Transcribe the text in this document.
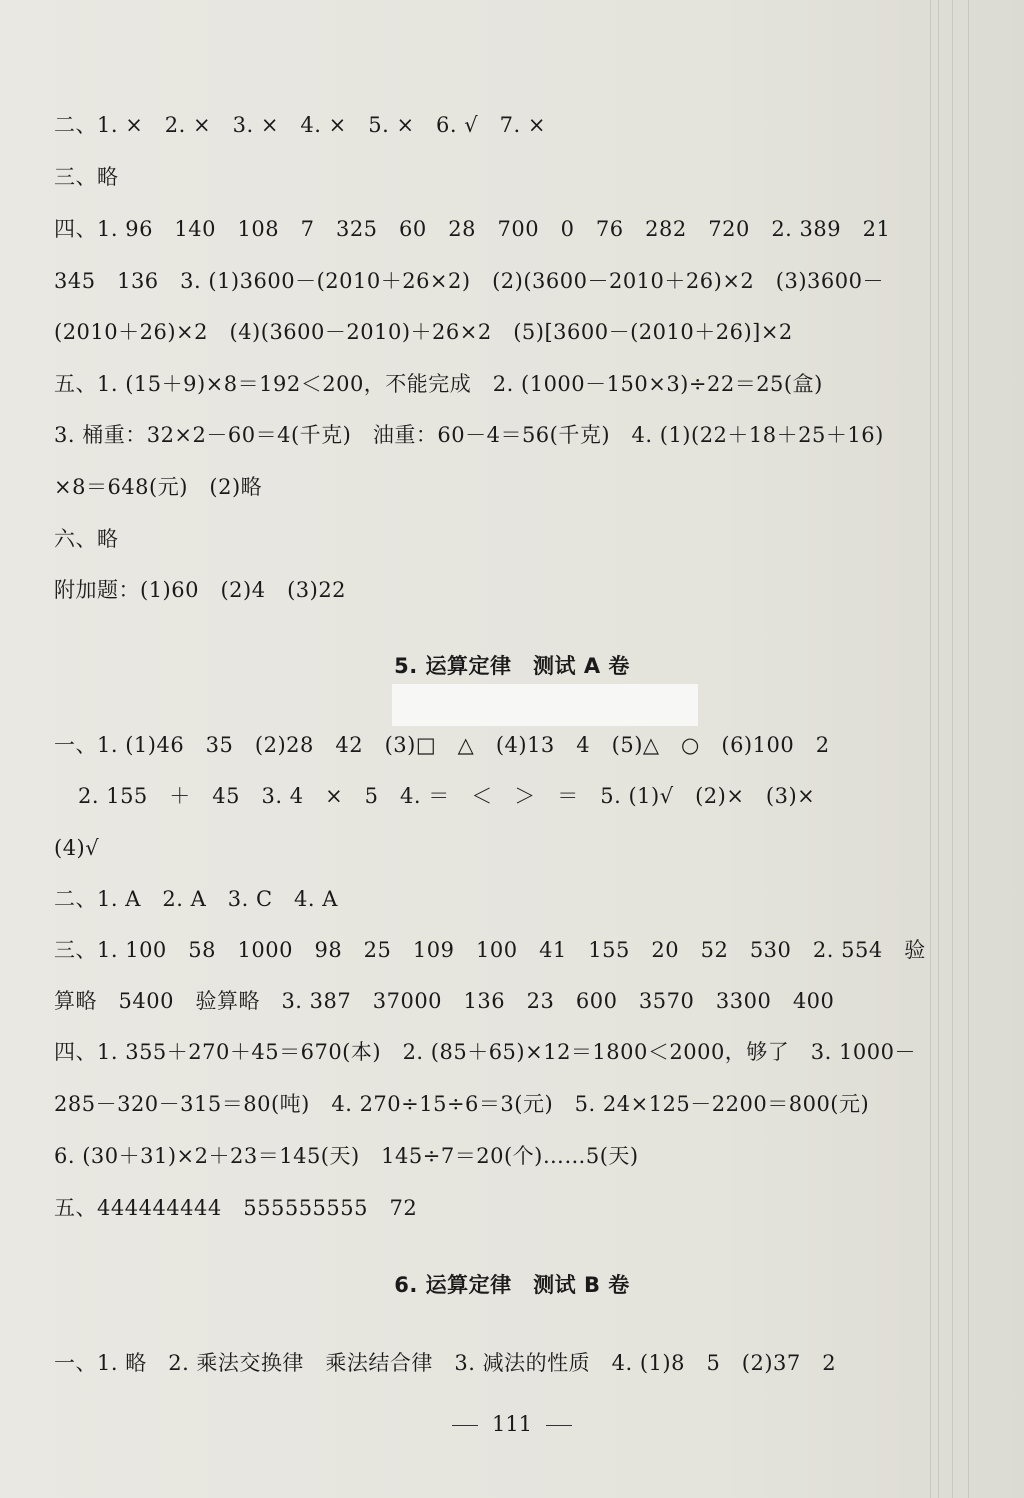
二、1. ×　2. ×　3. ×　4. ×　5. ×　6. √　7. ×
三、略
四、1. 96　140　108　7　325　60　28　700　0　76　282　720　2. 389　21
345　136　3. (1)3600－(2010＋26×2)　(2)(3600－2010＋26)×2　(3)3600－
(2010＋26)×2　(4)(3600－2010)＋26×2　(5)[3600－(2010＋26)]×2
五、1. (15＋9)×8＝192＜200，不能完成　2. (1000－150×3)÷22＝25(盒)
3. 桶重：32×2－60＝4(千克)　油重：60－4＝56(千克)　4. (1)(22＋18＋25＋16)
×8＝648(元)　(2)略
六、略
附加题：(1)60　(2)4　(3)22
5. 运算定律　测试 A 卷
一、1. (1)46　35　(2)28　42　(3)□　△　(4)13　4　(5)△　○　(6)100　2
2. 155　＋　45　3. 4　×　5　4. ＝　＜　＞　＝　5. (1)√　(2)×　(3)×
(4)√
二、1. A　2. A　3. C　4. A
三、1. 100　58　1000　98　25　109　100　41　155　20　52　530　2. 554　验
算略　5400　验算略　3. 387　37000　136　23　600　3570　3300　400
四、1. 355＋270＋45＝670(本)　2. (85＋65)×12＝1800＜2000，够了　3. 1000－
285－320－315＝80(吨)　4. 270÷15÷6＝3(元)　5. 24×125－2200＝800(元)
6. (30＋31)×2＋23＝145(天)　145÷7＝20(个)……5(天)
五、444444444　555555555　72
6. 运算定律　测试 B 卷
一、1. 略　2. 乘法交换律　乘法结合律　3. 减法的性质　4. (1)8　5　(2)37　2
111
